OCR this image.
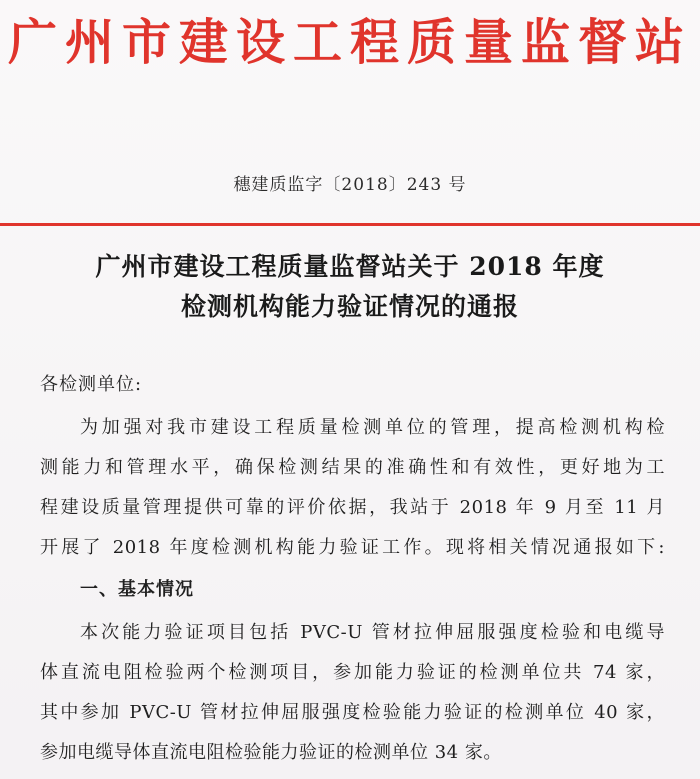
广州市建设工程质量监督站
穗建质监字〔2018〕243 号
广州市建设工程质量监督站关于 2018 年度
检测机构能力验证情况的通报
各检测单位:
为加强对我市建设工程质量检测单位的管理，提高检测机构检
测能力和管理水平，确保检测结果的准确性和有效性，更好地为工
程建设质量管理提供可靠的评价依据，我站于 2018 年 9 月至 11 月
开展了 2018 年度检测机构能力验证工作。现将相关情况通报如下:
一、基本情况
本次能力验证项目包括 PVC-U 管材拉伸屈服强度检验和电缆导
体直流电阻检验两个检测项目，参加能力验证的检测单位共 74 家，
其中参加 PVC-U 管材拉伸屈服强度检验能力验证的检测单位 40 家，
参加电缆导体直流电阻检验能力验证的检测单位 34 家。
